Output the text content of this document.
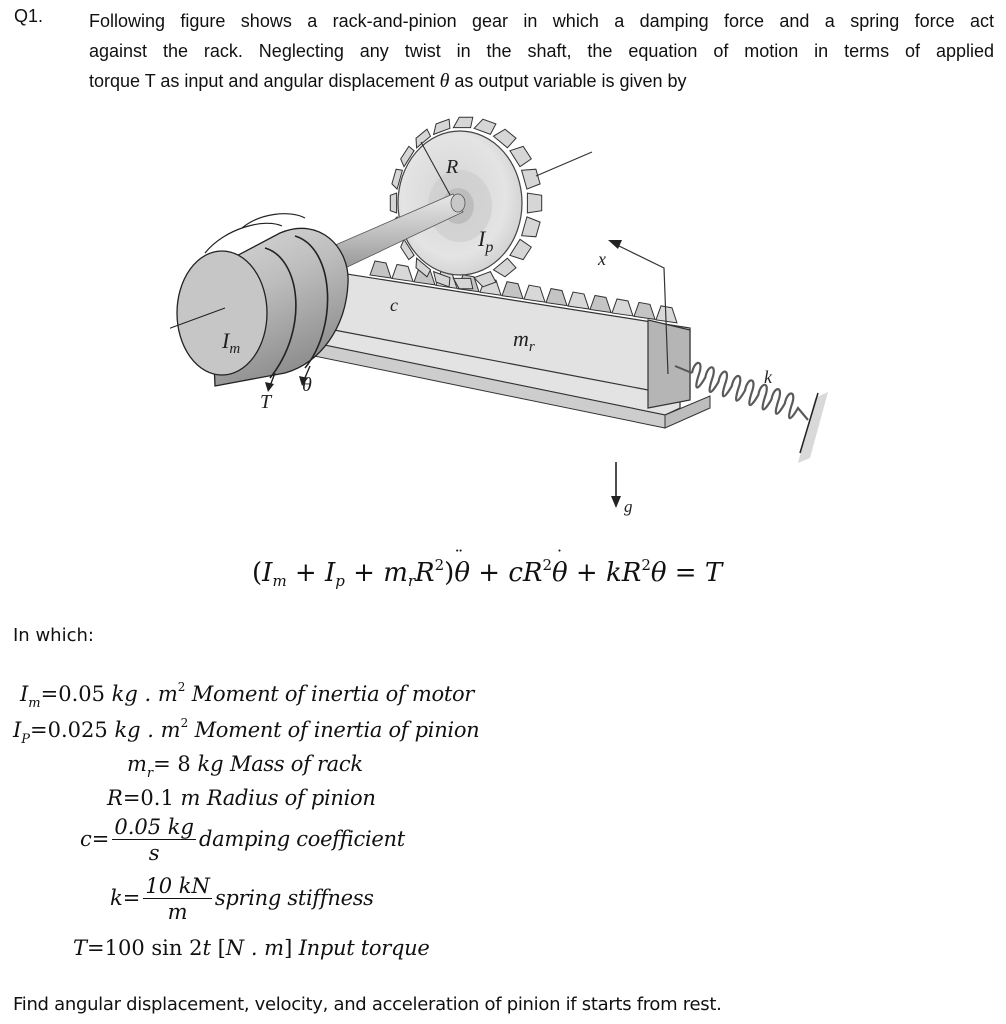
Q1.	Following figure shows a rack-and-pinion gear in which a damping force and a spring force act
against the rack. Neglecting any twist in the shaft, the equation of motion in terms of applied
torque T as input and angular displacement θ as output variable is given by
R
$I_p$
$I_m$
T
θ
c
$m_r$
x
k
g
($I_m + I_p$ + $m_rR^2)¨$ $\theta + cR^2˙$ $\theta + kR^2\theta = T$
In which:
$I_m=0.05$ kg . $m^2$ Moment of inertia of motor
$I_P=0.025$ kg . $m^2$ Moment of inertia of pinion
$m_r= 8$ kg Mass of rack
R=0.1 m Radius of pinion
$c= \frac{0.05 kg}{s}$ damping coefficient
$k= \frac{10 kN}{m}$ spring stiffness
T=100 sin 2t [N . m] Input torque
Find angular displacement, velocity, and acceleration of pinion if starts from rest.
